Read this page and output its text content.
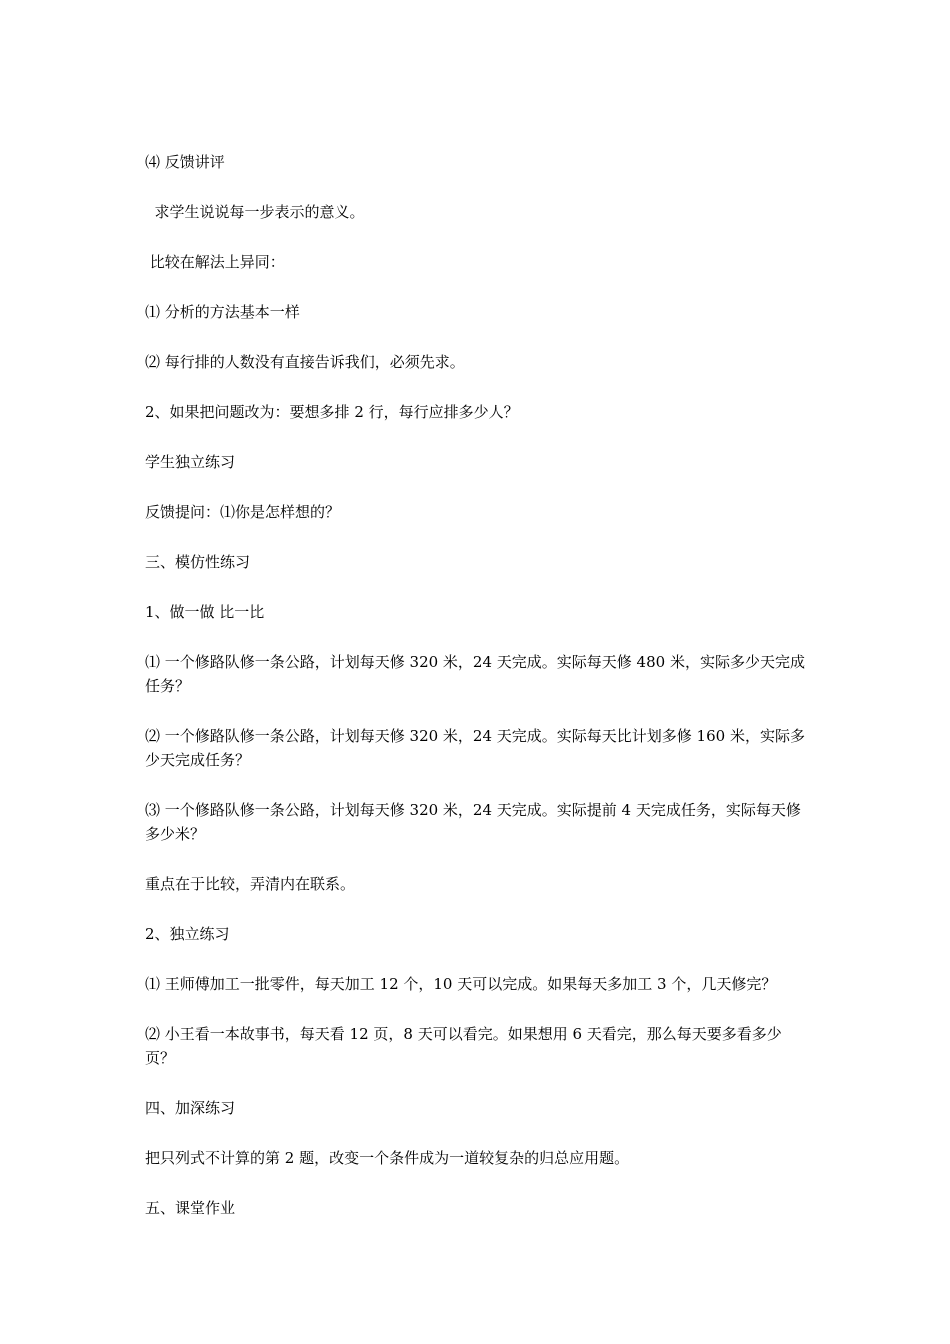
⑷ 反馈讲评

求学生说说每一步表示的意义。

比较在解法上异同：

⑴ 分析的方法基本一样

⑵ 每行排的人数没有直接告诉我们，必须先求。

2、如果把问题改为：要想多排 2 行，每行应排多少人？

学生独立练习

反馈提问：⑴你是怎样想的？

三、模仿性练习

1、做一做 比一比

⑴ 一个修路队修一条公路，计划每天修 320 米，24 天完成。实际每天修 480 米，实际多少天完成任务？

⑵ 一个修路队修一条公路，计划每天修 320 米，24 天完成。实际每天比计划多修 160 米，实际多少天完成任务？

⑶ 一个修路队修一条公路，计划每天修 320 米，24 天完成。实际提前 4 天完成任务，实际每天修多少米？

重点在于比较，弄清内在联系。

2、独立练习

⑴ 王师傅加工一批零件，每天加工 12 个，10 天可以完成。如果每天多加工 3 个，几天修完？

⑵ 小王看一本故事书，每天看 12 页，8 天可以看完。如果想用 6 天看完，那么每天要多看多少页？

四、加深练习

把只列式不计算的第 2 题，改变一个条件成为一道较复杂的归总应用题。

五、课堂作业
